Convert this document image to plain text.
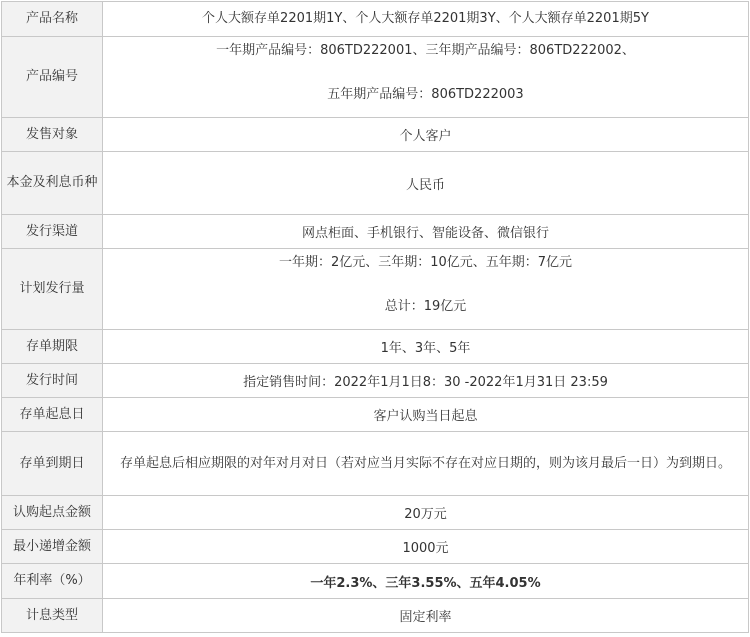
产品名称	个人大额存单2201期1Y、个人大额存单2201期3Y、个人大额存单2201期5Y

产品编号	一年期产品编号：806TD222001、三年期产品编号：806TD222002、
五年期产品编号：806TD222003

发售对象	个人客户

本金及利息币种	人民币

发行渠道	网点柜面、手机银行、智能设备、微信银行

计划发行量	一年期：2亿元、三年期：10亿元、五年期：7亿元
总计：19亿元

存单期限	1年、3年、5年

发行时间	指定销售时间：2022年1月1日8：30 -2022年1月31日 23:59

存单起息日	客户认购当日起息

存单到期日	存单起息后相应期限的对年对月对日（若对应当月实际不存在对应日期的，则为该月最后一日）为到期日。

认购起点金额	20万元

最小递增金额	1000元

年利率（%）	一年2.3%、三年3.55%、五年4.05%

计息类型	固定利率
